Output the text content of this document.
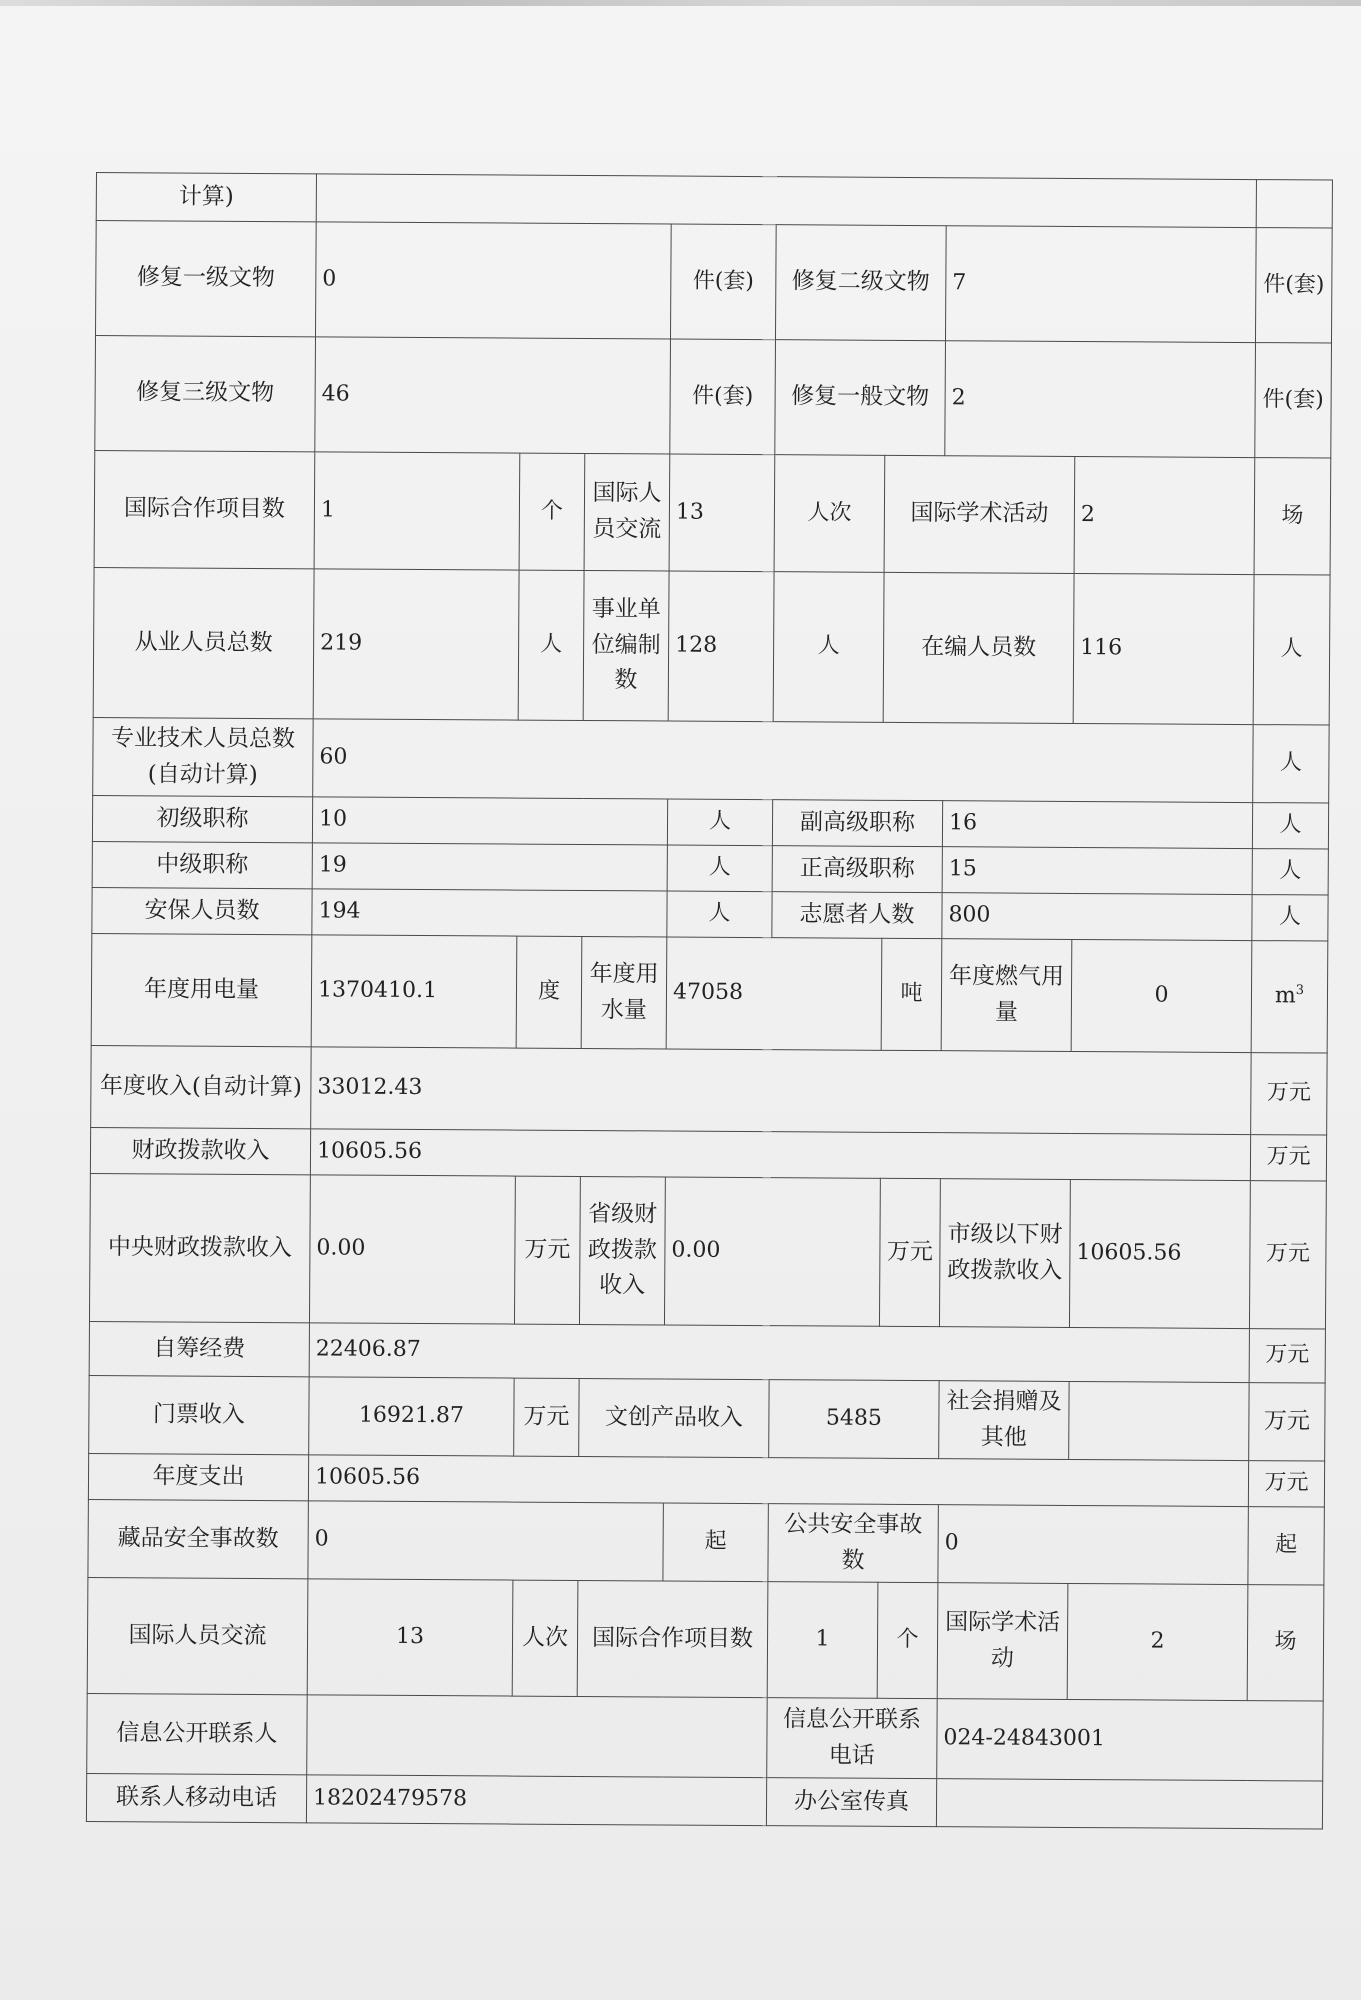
计算)									
修复一级文物	0			件(套)	修复二级文物		7		件(套)
修复三级文物	46			件(套)	修复一般文物		2		件(套)
国际合作项目数	1	个	国际人员交流	13	人次	国际学术活动		2	场
从业人员总数	219	人	事业单位编制数	128	人	在编人员数		116	人
专业技术人员总数(自动计算)	60								人
初级职称	10			人	副高级职称		16		人
中级职称	19			人	正高级职称		15		人
安保人员数	194			人	志愿者人数		800		人
年度用电量	1370410.1	度	年度用水量	47058		吨	年度燃气用量	0	$m^3$
年度收入(自动计算)	33012.43								万元
财政拨款收入	10605.56								万元
中央财政拨款收入	0.00	万元	省级财政拨款收入	0.00		万元	市级以下财政拨款收入	10605.56	万元
自筹经费	22406.87								万元
门票收入	16921.87	万元	文创产品收入		5485		社会捐赠及其他		万元
年度支出	10605.56								万元
藏品安全事故数	0			起	公共安全事故数		0		起
国际人员交流	13	人次	国际合作项目数		1	个	国际学术活动	2	场
信息公开联系人					信息公开联系电话		024-24843001		
联系人移动电话	18202479578				办公室传真				
